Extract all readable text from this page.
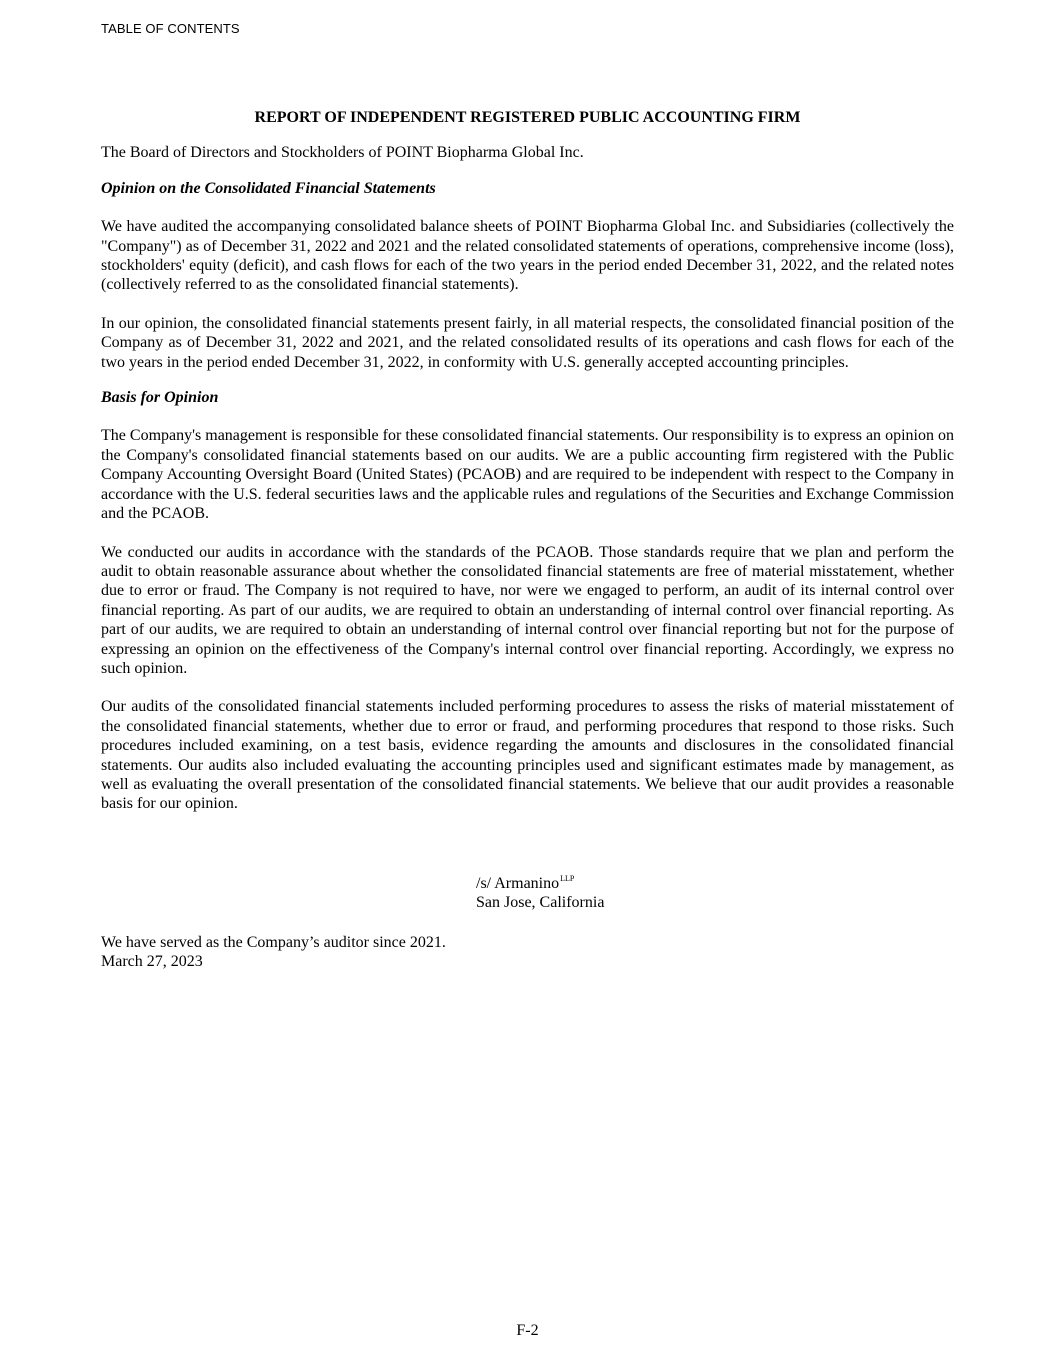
TABLE OF CONTENTS

REPORT OF INDEPENDENT REGISTERED PUBLIC ACCOUNTING FIRM

The Board of Directors and Stockholders of POINT Biopharma Global Inc.

Opinion on the Consolidated Financial Statements

We have audited the accompanying consolidated balance sheets of POINT Biopharma Global Inc. and Subsidiaries (collectively the "Company") as of December 31, 2022 and 2021 and the related consolidated statements of operations, comprehensive income (loss), stockholders' equity (deficit), and cash flows for each of the two years in the period ended December 31, 2022, and the related notes (collectively referred to as the consolidated financial statements).

In our opinion, the consolidated financial statements present fairly, in all material respects, the consolidated financial position of the Company as of December 31, 2022 and 2021, and the related consolidated results of its operations and cash flows for each of the two years in the period ended December 31, 2022, in conformity with U.S. generally accepted accounting principles.

Basis for Opinion

The Company's management is responsible for these consolidated financial statements. Our responsibility is to express an opinion on the Company's consolidated financial statements based on our audits. We are a public accounting firm registered with the Public Company Accounting Oversight Board (United States) (PCAOB) and are required to be independent with respect to the Company in accordance with the U.S. federal securities laws and the applicable rules and regulations of the Securities and Exchange Commission and the PCAOB.

We conducted our audits in accordance with the standards of the PCAOB. Those standards require that we plan and perform the audit to obtain reasonable assurance about whether the consolidated financial statements are free of material misstatement, whether due to error or fraud. The Company is not required to have, nor were we engaged to perform, an audit of its internal control over financial reporting. As part of our audits, we are required to obtain an understanding of internal control over financial reporting. As part of our audits, we are required to obtain an understanding of internal control over financial reporting but not for the purpose of expressing an opinion on the effectiveness of the Company's internal control over financial reporting. Accordingly, we express no such opinion.

Our audits of the consolidated financial statements included performing procedures to assess the risks of material misstatement of the consolidated financial statements, whether due to error or fraud, and performing procedures that respond to those risks. Such procedures included examining, on a test basis, evidence regarding the amounts and disclosures in the consolidated financial statements. Our audits also included evaluating the accounting principles used and significant estimates made by management, as well as evaluating the overall presentation of the consolidated financial statements. We believe that our audit provides a reasonable basis for our opinion.

/s/ Armanino$^{LLP}$
San Jose, California
We have served as the Company’s auditor since 2021.
March 27, 2023
F-2
